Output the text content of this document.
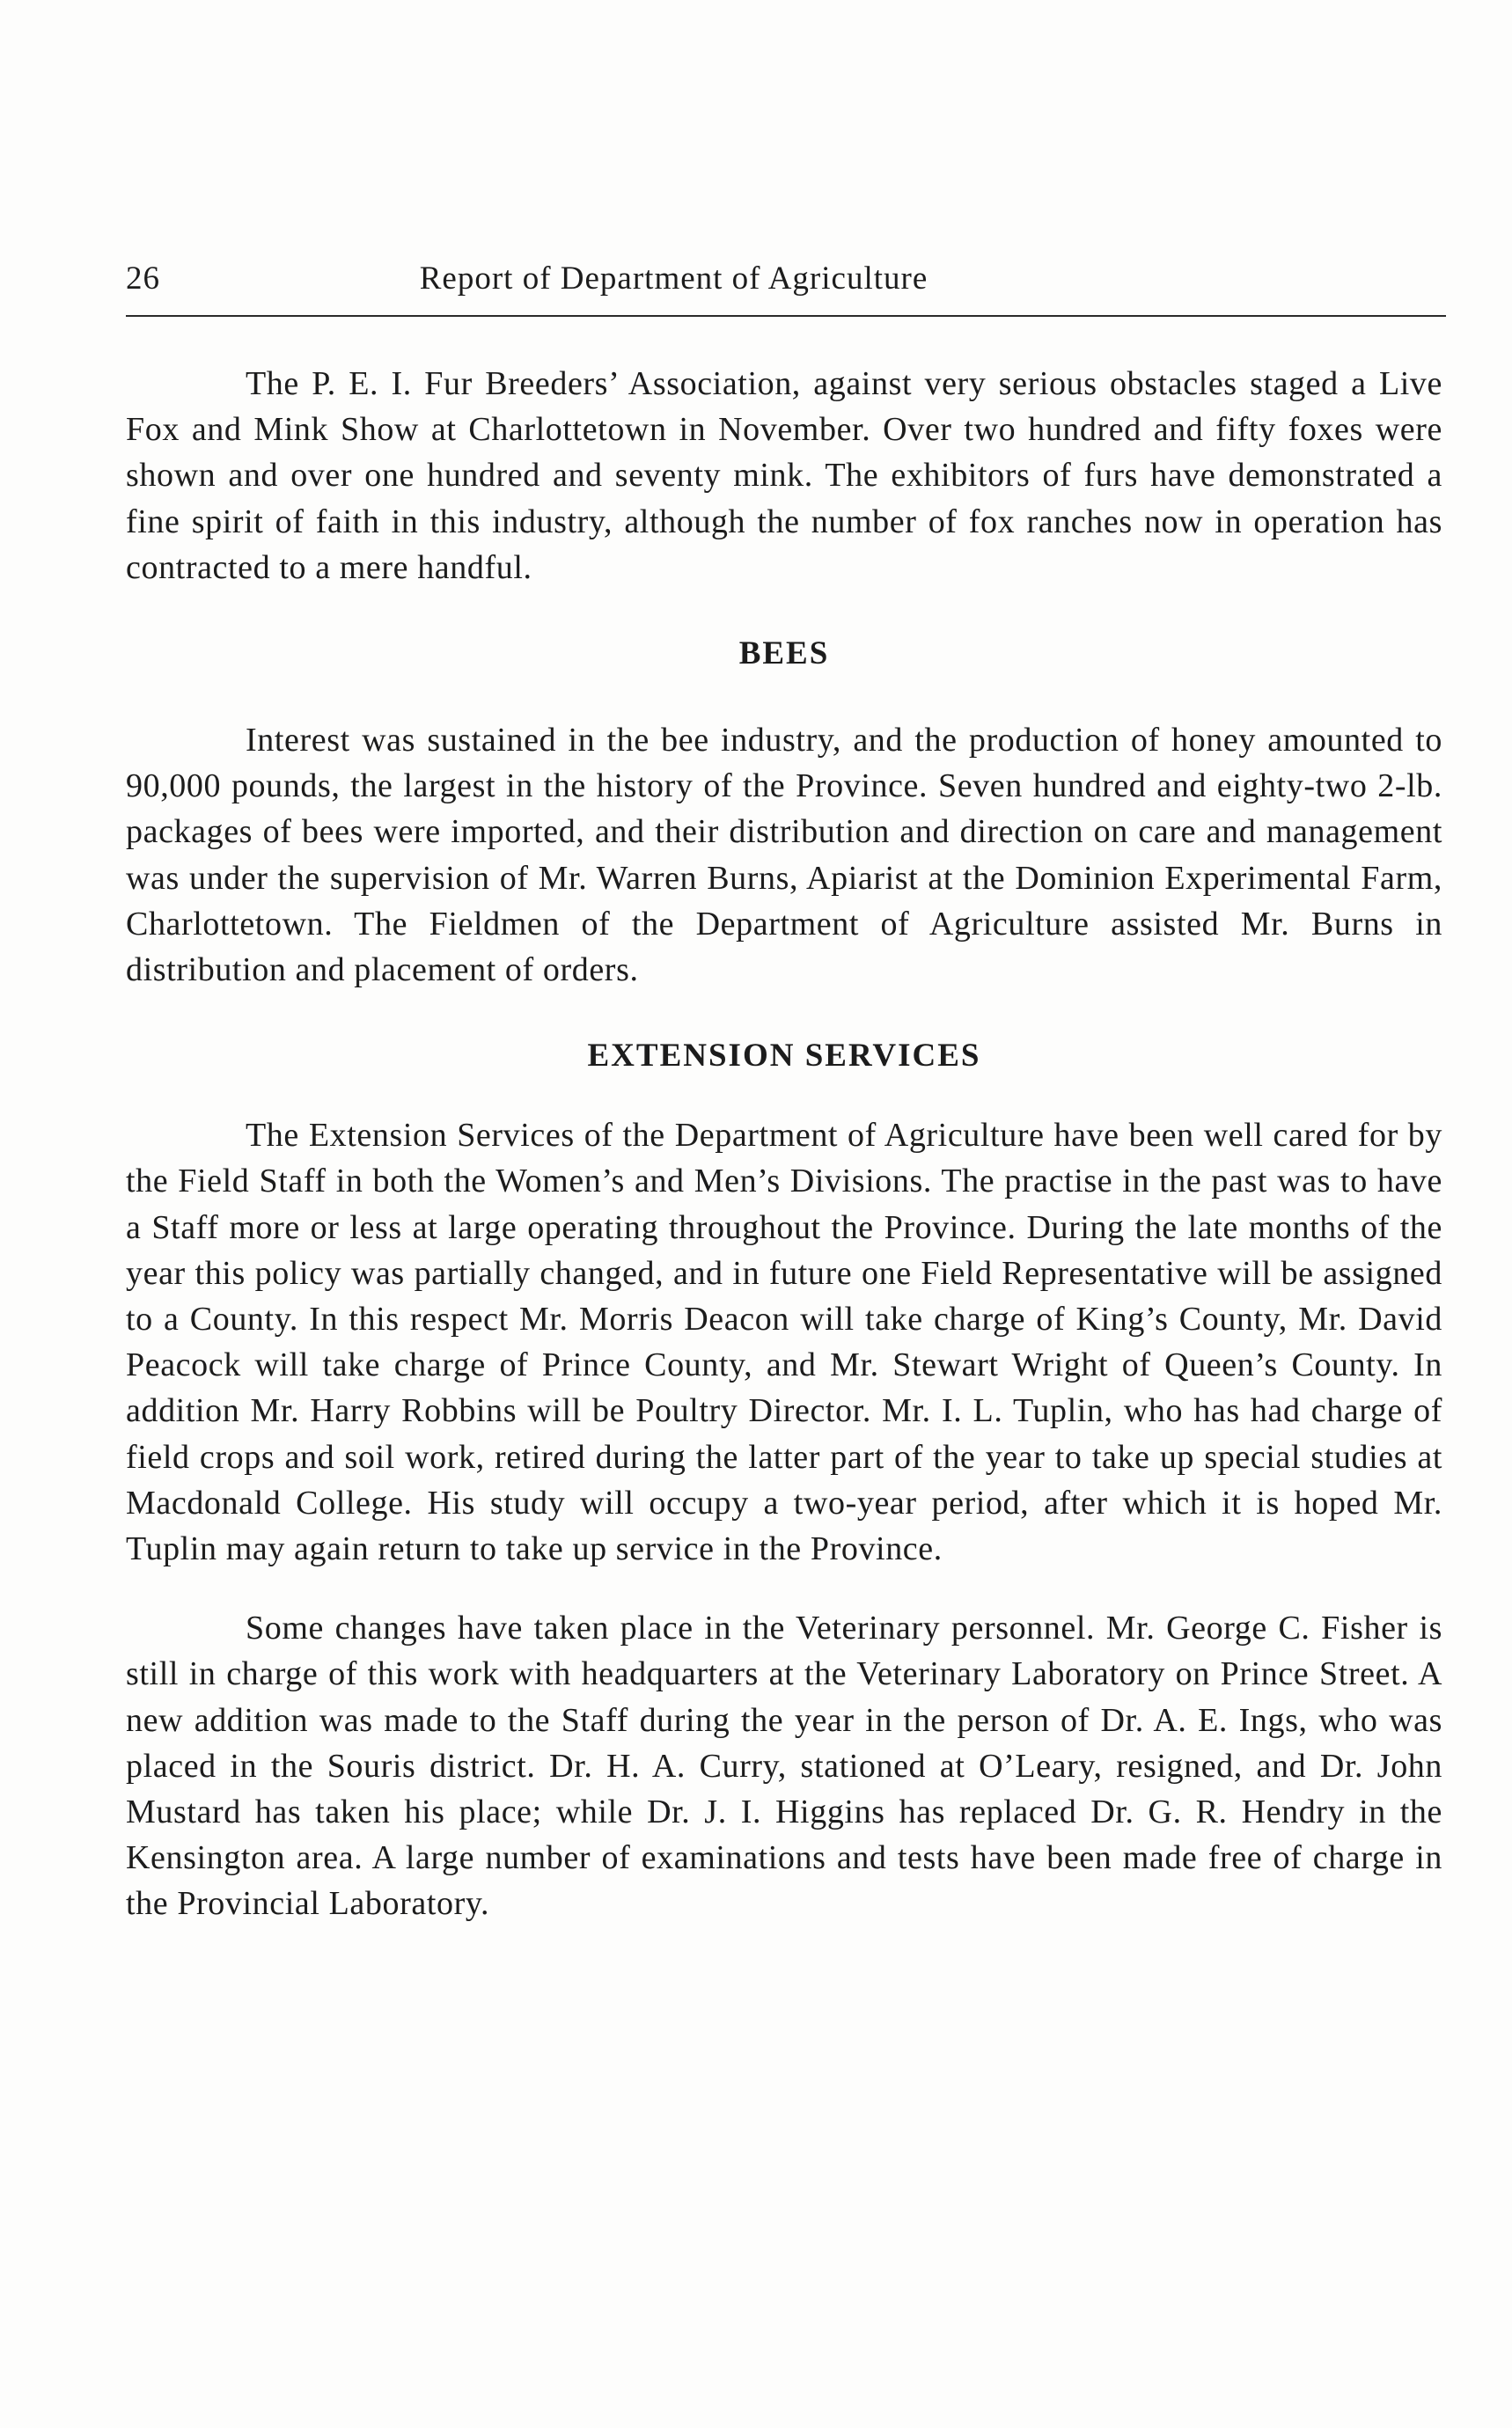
26	Report of Department of Agriculture

The P. E. I. Fur Breeders’ Association, against very serious obstacles staged a Live Fox and Mink Show at Charlottetown in November. Over two hundred and fifty foxes were shown and over one hundred and seventy mink. The exhibitors of furs have demonstrated a fine spirit of faith in this industry, although the number of fox ranches now in operation has contracted to a mere handful.

BEES

Interest was sustained in the bee industry, and the production of honey amounted to 90,000 pounds, the largest in the history of the Province. Seven hundred and eighty-two 2-lb. packages of bees were imported, and their distribution and direction on care and management was under the supervision of Mr. Warren Burns, Apiarist at the Dominion Experimental Farm, Charlottetown. The Fieldmen of the Department of Agriculture assisted Mr. Burns in distribution and placement of orders.

EXTENSION SERVICES

The Extension Services of the Department of Agriculture have been well cared for by the Field Staff in both the Women’s and Men’s Divisions. The practise in the past was to have a Staff more or less at large operating throughout the Province. During the late months of the year this policy was partially changed, and in future one Field Representative will be assigned to a County. In this respect Mr. Morris Deacon will take charge of King’s County, Mr. David Peacock will take charge of Prince County, and Mr. Stewart Wright of Queen’s County. In addition Mr. Harry Robbins will be Poultry Director. Mr. I. L. Tuplin, who has had charge of field crops and soil work, retired during the latter part of the year to take up special studies at Macdonald College. His study will occupy a two-year period, after which it is hoped Mr. Tuplin may again return to take up service in the Province.

Some changes have taken place in the Veterinary personnel. Mr. George C. Fisher is still in charge of this work with headquarters at the Veterinary Laboratory on Prince Street. A new addition was made to the Staff during the year in the person of Dr. A. E. Ings, who was placed in the Souris district. Dr. H. A. Curry, stationed at O’Leary, resigned, and Dr. John Mustard has taken his place; while Dr. J. I. Higgins has replaced Dr. G. R. Hendry in the Kensington area. A large number of examinations and tests have been made free of charge in the Provincial Laboratory.
